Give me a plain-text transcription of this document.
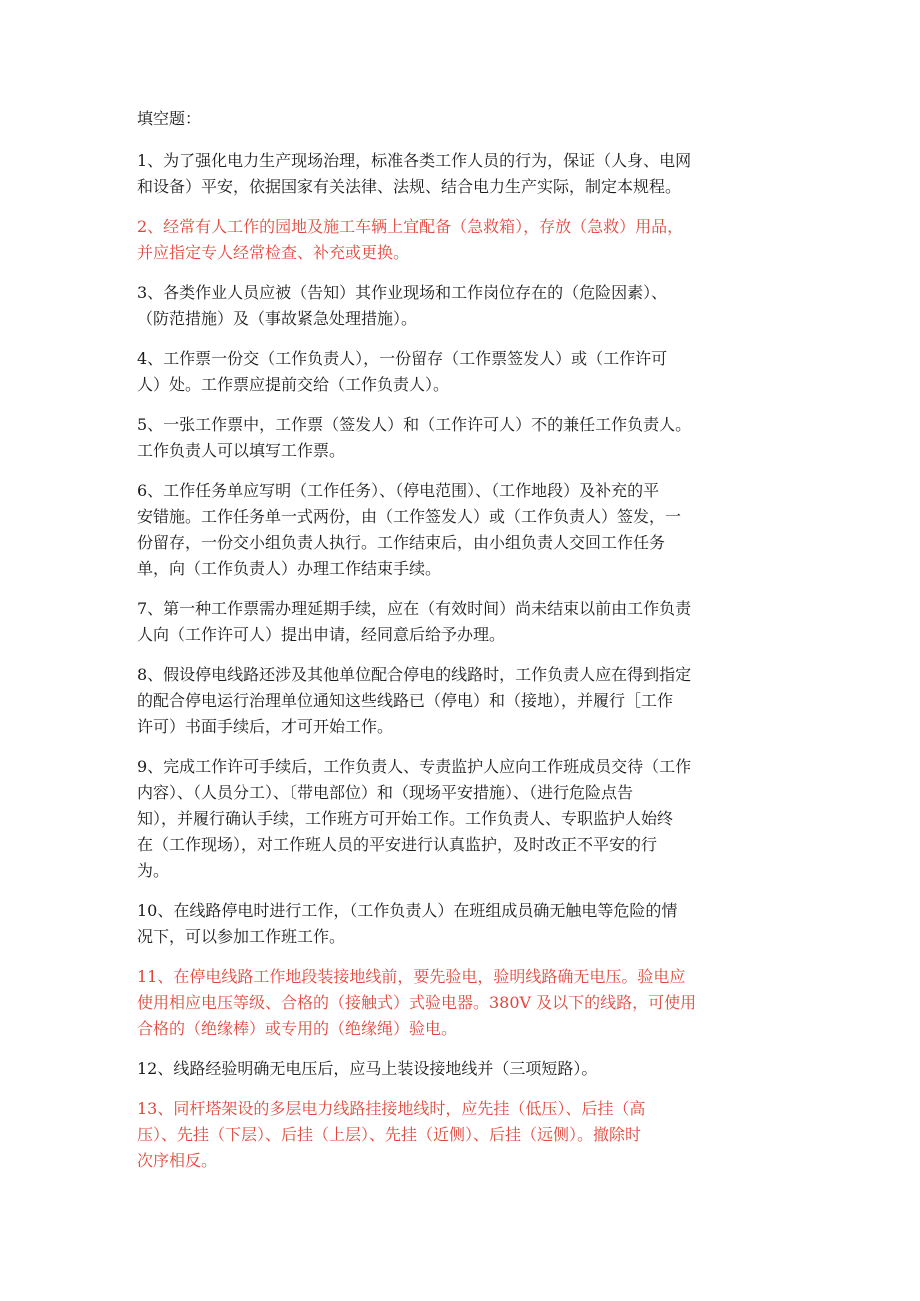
填空题：
1、为了强化电力生产现场治理，标准各类工作人员的行为，保证（人身、电网
和设备）平安，依据国家有关法律、法规、结合电力生产实际，制定本规程。
2、经常有人工作的园地及施工车辆上宜配备（急救箱），存放（急救）用品，
并应指定专人经常检查、补充或更换。
3、各类作业人员应被（告知）其作业现场和工作岗位存在的（危险因素）、
（防范措施）及（事故紧急处理措施）。
4、工作票一份交（工作负责人），一份留存（工作票签发人）或（工作许可
人）处。工作票应提前交给（工作负责人）。
5、一张工作票中，工作票（签发人）和（工作许可人）不的兼任工作负责人。
工作负责人可以填写工作票。
6、工作任务单应写明（工作任务）、（停电范围）、（工作地段）及补充的平
安错施。工作任务单一式两份，由（工作签发人）或（工作负责人）签发，一
份留存，一份交小组负责人执行。工作结束后，由小组负责人交回工作任务
单，向（工作负责人）办理工作结束手续。
7、第一种工作票需办理延期手续，应在（有效时间）尚未结束以前由工作负责
人向（工作许可人）提出申请，经同意后给予办理。
8、假设停电线路还涉及其他单位配合停电的线路时，工作负责人应在得到指定
的配合停电运行治理单位通知这些线路已（停电）和（接地），并履行［工作
许可）书面手续后，才可开始工作。
9、完成工作许可手续后，工作负责人、专责监护人应向工作班成员交待（工作
内容）、（人员分工）、〔带电部位）和（现场平安措施）、（进行危险点告
知），并履行确认手续，工作班方可开始工作。工作负责人、专职监护人始终
在（工作现场），对工作班人员的平安进行认真监护，及时改正不平安的行
为。
10、在线路停电时进行工作，（工作负责人）在班组成员确无触电等危险的情
况下，可以参加工作班工作。
11、在停电线路工作地段装接地线前，要先验电，验明线路确无电压。验电应
使用相应电压等级、合格的（接触式）式验电器。380V 及以下的线路，可使用
合格的（绝缘棒）或专用的（绝缘绳）验电。
12、线路经验明确无电压后，应马上装设接地线并（三项短路）。
13、同杆塔架设的多层电力线路挂接地线时，应先挂（低压）、后挂（高
压）、先挂（下层）、后挂（上层）、先挂（近侧）、后挂（远侧）。撤除时
次序相反。
